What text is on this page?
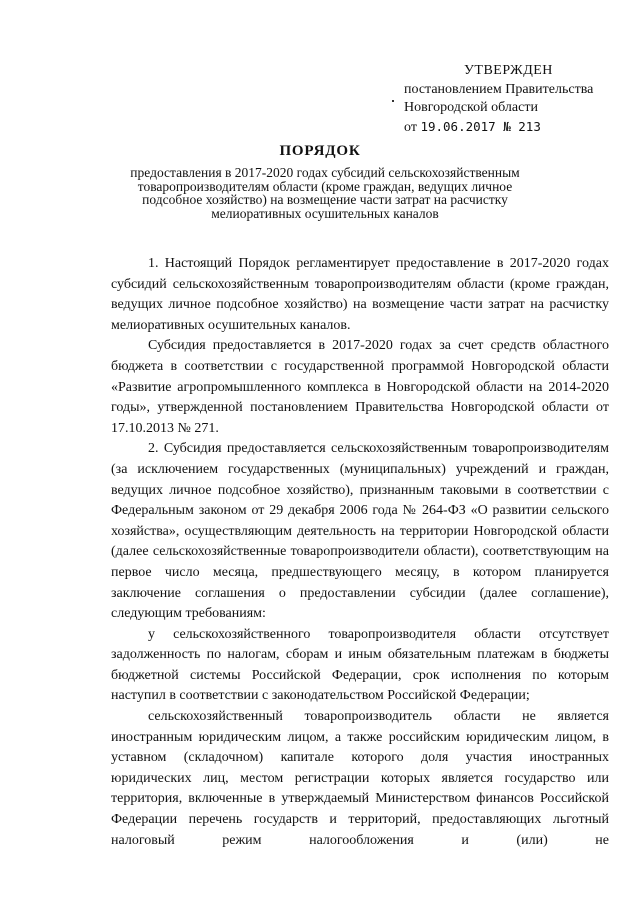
УТВЕРЖДЕН
постановлением Правительства
Новгородской области
от 19.06.2017 № 213
ПОРЯДОК
предоставления в 2017-2020 годах субсидий сельскохозяйственным товаропроизводителям области (кроме граждан, ведущих личное подсобное хозяйство) на возмещение части затрат на расчистку мелиоративных осушительных каналов

1. Настоящий Порядок регламентирует предоставление в 2017-2020 годах субсидий сельскохозяйственным товаропроизводителям области (кроме граждан, ведущих личное подсобное хозяйство) на возмещение части затрат на расчистку мелиоративных осушительных каналов.

Субсидия предоставляется в 2017-2020 годах за счет средств областного бюджета в соответствии с государственной программой Новгородской области «Развитие агропромышленного комплекса в Новгородской области на 2014-2020 годы», утвержденной постановлением Правительства Новгородской области от 17.10.2013 № 271.

2. Субсидия предоставляется сельскохозяйственным товаропроизводителям (за исключением государственных (муниципальных) учреждений и граждан, ведущих личное подсобное хозяйство), признанным таковыми в соответствии с Федеральным законом от 29 декабря 2006 года № 264-ФЗ «О развитии сельского хозяйства», осуществляющим деятельность на территории Новгородской области (далее сельскохозяйственные товаропроизводители области), соответствующим на первое число месяца, предшествующего месяцу, в котором планируется заключение соглашения о предоставлении субсидии (далее соглашение), следующим требованиям:

у сельскохозяйственного товаропроизводителя области отсутствует задолженность по налогам, сборам и иным обязательным платежам в бюджеты бюджетной системы Российской Федерации, срок исполнения по которым наступил в соответствии с законодательством Российской Федерации;

сельскохозяйственный товаропроизводитель области не является иностранным юридическим лицом, а также российским юридическим лицом, в уставном (складочном) капитале которого доля участия иностранных юридических лиц, местом регистрации которых является государство или территория, включенные в утверждаемый Министерством финансов Российской Федерации перечень государств и территорий, предоставляющих льготный налоговый режим налогообложения и (или) не
